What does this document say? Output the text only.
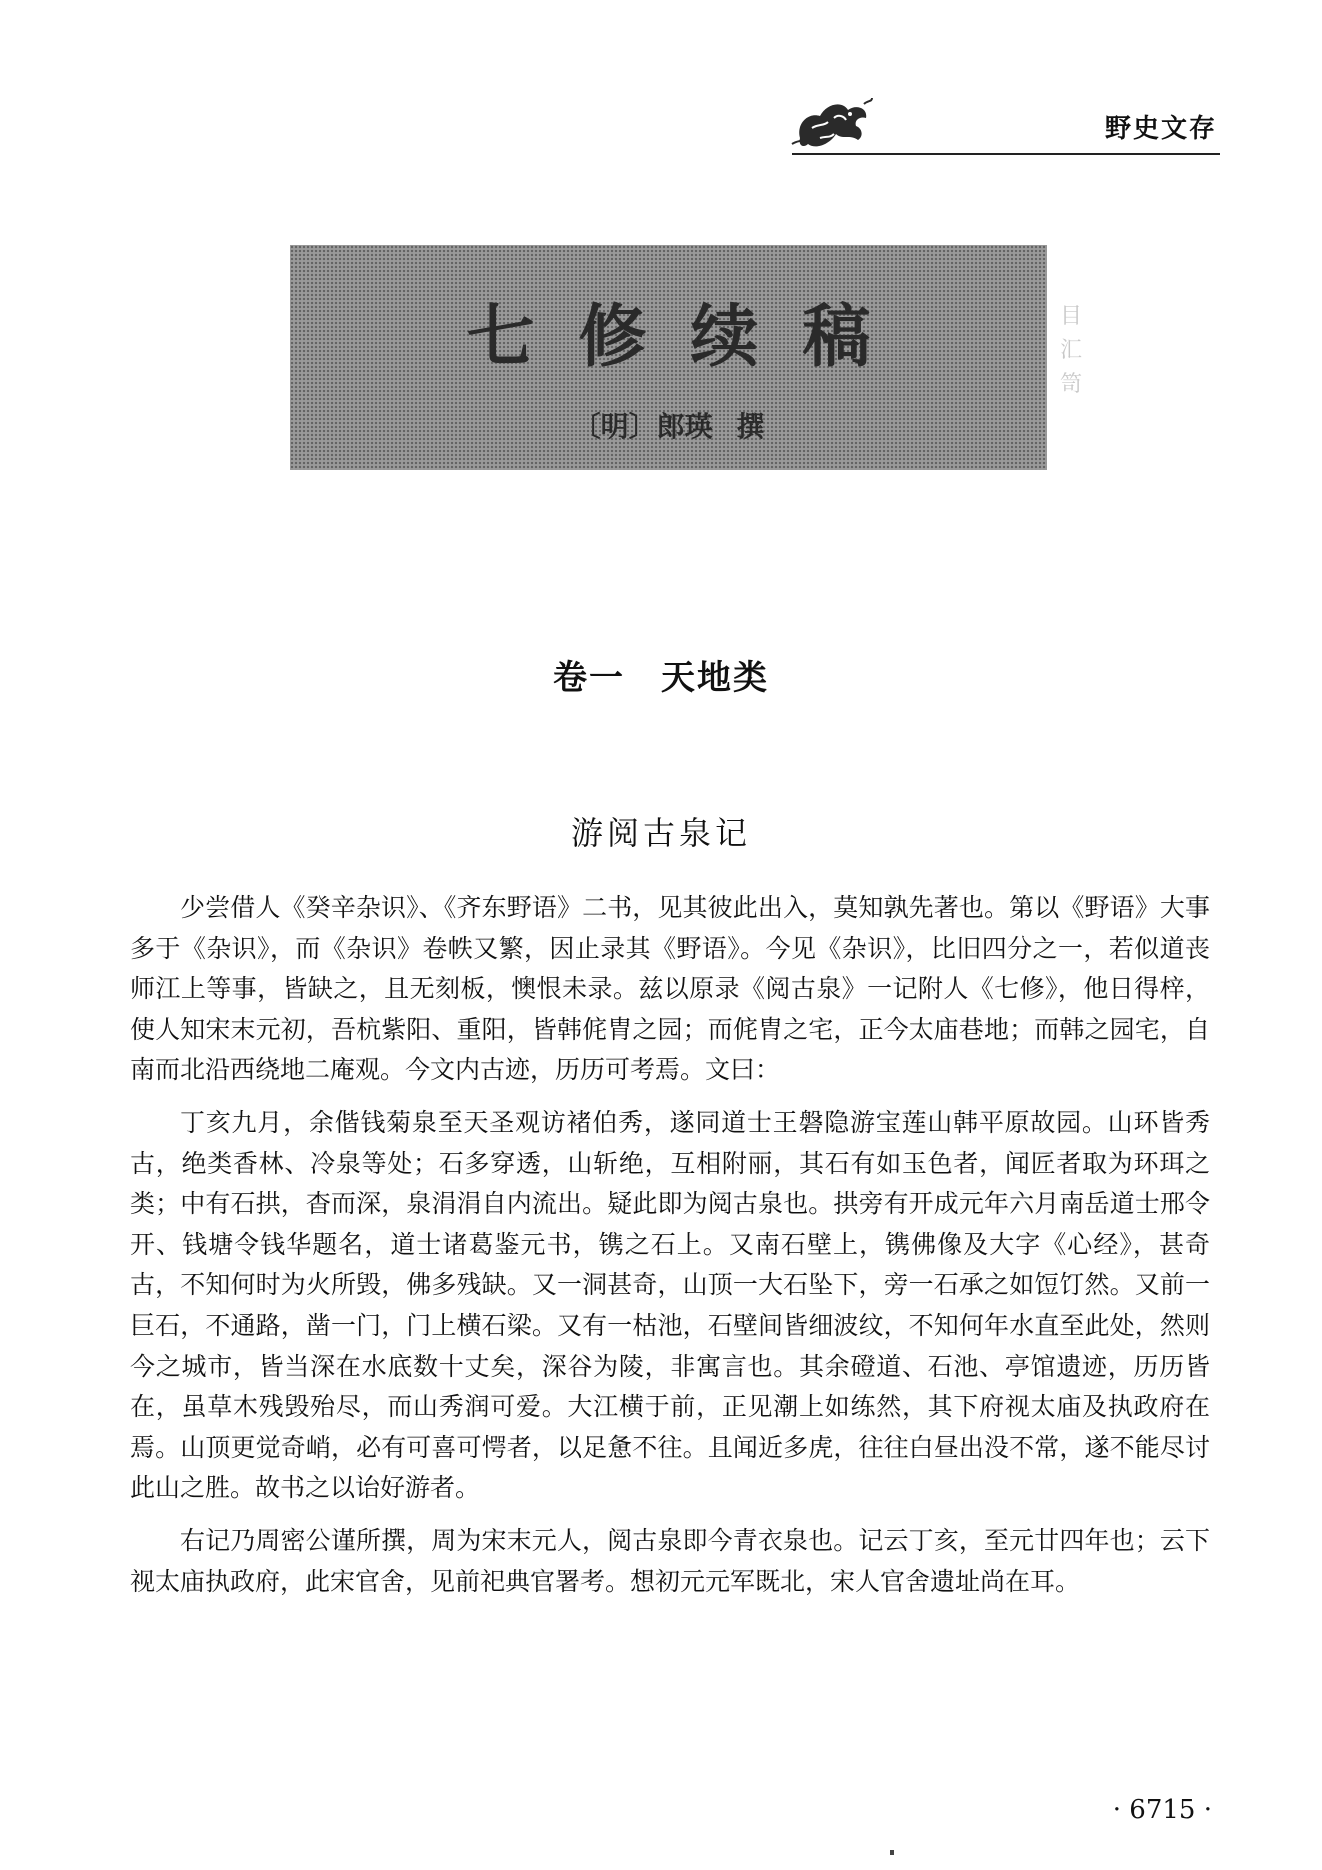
野史文存
七修续稿
〔明〕郎瑛 撰
目汇笥
卷一　天地类
游阅古泉记

少尝借人《癸辛杂识》、《齐东野语》二书，见其彼此出入，莫知孰先著也。第以《野语》大事多于《杂识》，而《杂识》卷帙又繁，因止录其《野语》。今见《杂识》，比旧四分之一，若似道丧师江上等事，皆缺之，且无刻板，懊恨未录。兹以原录《阅古泉》一记附人《七修》，他日得梓，使人知宋末元初，吾杭紫阳、重阳，皆韩侂胄之园；而侂胄之宅，正今太庙巷地；而韩之园宅，自南而北沿西绕地二庵观。今文内古迹，历历可考焉。文曰：

丁亥九月，余偕钱菊泉至天圣观访褚伯秀，遂同道士王磐隐游宝莲山韩平原故园。山环皆秀古，绝类香林、冷泉等处；石多穿透，山斩绝，互相附丽，其石有如玉色者，闻匠者取为环珥之类；中有石拱，杳而深，泉涓涓自内流出。疑此即为阅古泉也。拱旁有开成元年六月南岳道士邢令开、钱塘令钱华题名，道士诸葛鉴元书，镌之石上。又南石壁上，镌佛像及大字《心经》，甚奇古，不知何时为火所毁，佛多残缺。又一洞甚奇，山顶一大石坠下，旁一石承之如饾饤然。又前一巨石，不通路，凿一门，门上横石梁。又有一枯池，石壁间皆细波纹，不知何年水直至此处，然则今之城市，皆当深在水底数十丈矣，深谷为陵，非寓言也。其余磴道、石池、亭馆遗迹，历历皆在，虽草木残毁殆尽，而山秀润可爱。大江横于前，正见潮上如练然，其下府视太庙及执政府在焉。山顶更觉奇峭，必有可喜可愕者，以足惫不往。且闻近多虎，往往白昼出没不常，遂不能尽讨此山之胜。故书之以诒好游者。

右记乃周密公谨所撰，周为宋末元人，阅古泉即今青衣泉也。记云丁亥，至元廿四年也；云下视太庙执政府，此宋官舍，见前祀典官署考。想初元元军既北，宋人官舍遗址尚在耳。

· 6715 ·
